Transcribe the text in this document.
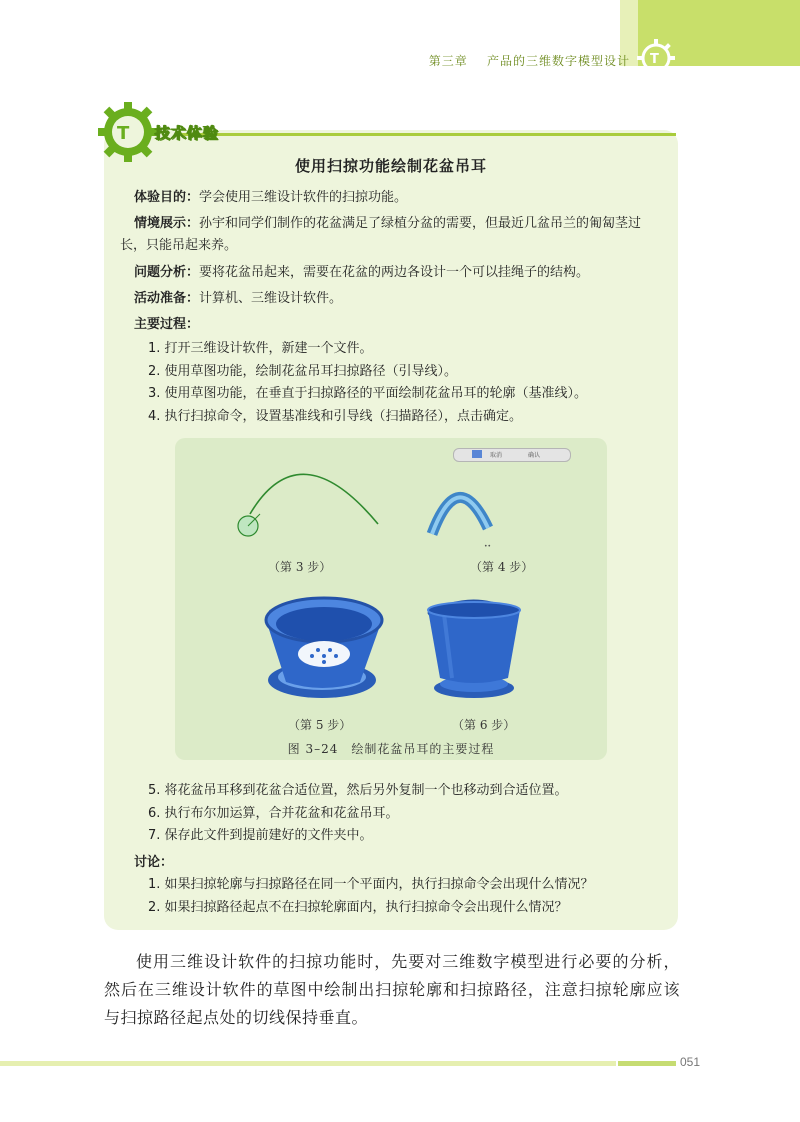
第三章 产品的三维数字模型设计 T
T 技术体验
使用扫掠功能绘制花盆吊耳
体验目的：学会使用三维设计软件的扫掠功能。
情境展示：孙宇和同学们制作的花盆满足了绿植分盆的需要，但最近几盆吊兰的匍匐茎过
长，只能吊起来养。
问题分析：要将花盆吊起来，需要在花盆的两边各设计一个可以挂绳子的结构。
活动准备：计算机、三维设计软件。
主要过程：
1. 打开三维设计软件，新建一个文件。
2. 使用草图功能，绘制花盆吊耳扫掠路径（引导线）。
3. 使用草图功能，在垂直于扫掠路径的平面绘制花盆吊耳的轮廓（基准线）。
4. 执行扫掠命令，设置基准线和引导线（扫描路径），点击确定。
取消	确认
••
（第 3 步）	（第 4 步）
（第 5 步）	（第 6 步）
图 3–24　绘制花盆吊耳的主要过程
5. 将花盆吊耳移到花盆合适位置，然后另外复制一个也移动到合适位置。
6. 执行布尔加运算，合并花盆和花盆吊耳。
7. 保存此文件到提前建好的文件夹中。
讨论：
1. 如果扫掠轮廓与扫掠路径在同一个平面内，执行扫掠命令会出现什么情况？
2. 如果扫掠路径起点不在扫掠轮廓面内，执行扫掠命令会出现什么情况？
使用三维设计软件的扫掠功能时，先要对三维数字模型进行必要的分析，然后在三维设计软件的草图中绘制出扫掠轮廓和扫掠路径，注意扫掠轮廓应该与扫掠路径起点处的切线保持垂直。
051
